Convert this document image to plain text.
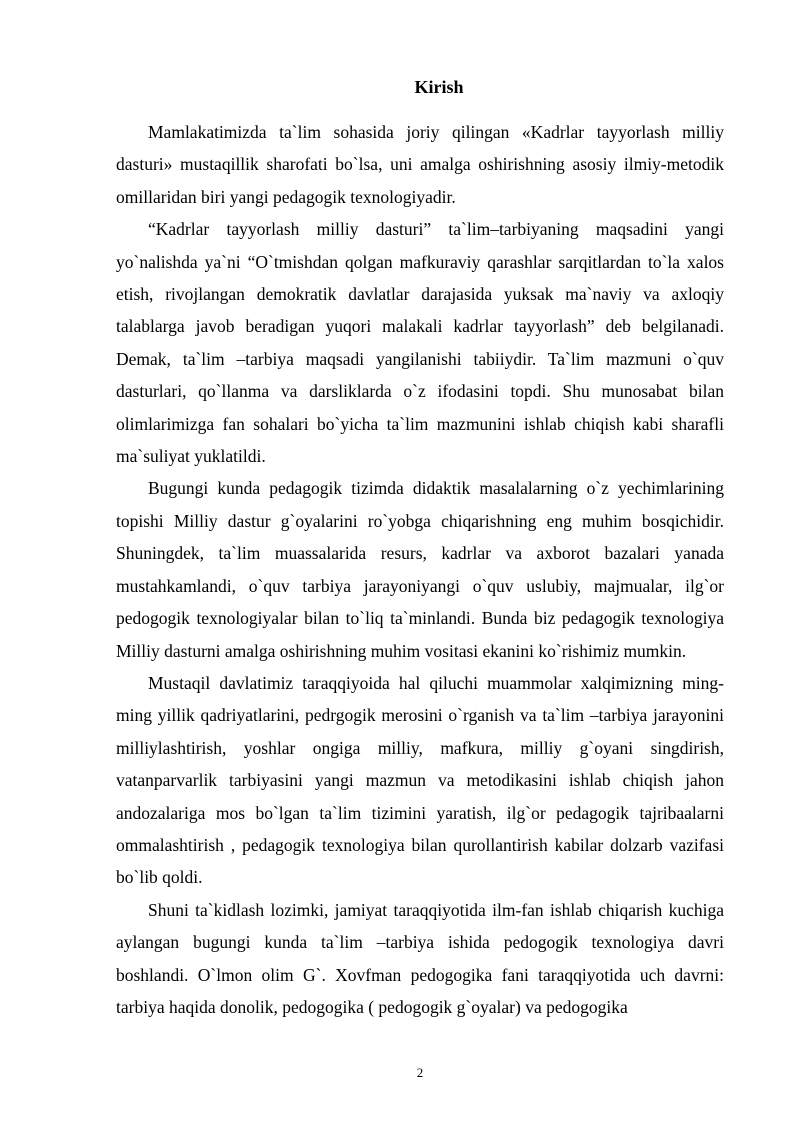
Kirish

Mamlakatimizda ta`lim sohasida joriy qilingan «Kadrlar tayyorlash milliy dasturi» mustaqillik sharofati bo`lsa, uni amalga oshirishning asosiy ilmiy-metodik omillaridan biri yangi pedagogik texnologiyadir.

“Kadrlar tayyorlash milliy dasturi” ta`lim–tarbiyaning maqsadini yangi yo`nalishda ya`ni “O`tmishdan qolgan mafkuraviy qarashlar sarqitlardan to`la xalos etish, rivojlangan demokratik davlatlar darajasida yuksak ma`naviy va axloqiy talablarga javob beradigan yuqori malakali kadrlar tayyorlash” deb belgilanadi. Demak, ta`lim –tarbiya maqsadi yangilanishi tabiiydir. Ta`lim mazmuni o`quv dasturlari, qo`llanma va darsliklarda o`z ifodasini topdi. Shu munosabat bilan olimlarimizga fan sohalari bo`yicha ta`lim mazmunini ishlab chiqish kabi sharafli ma`suliyat yuklatildi.

Bugungi kunda pedagogik tizimda didaktik masalalarning o`z yechimlarining topishi Milliy dastur g`oyalarini ro`yobga chiqarishning eng muhim bosqichidir. Shuningdek, ta`lim muassalarida resurs, kadrlar va axborot bazalari yanada mustahkamlandi, o`quv tarbiya jarayoniyangi o`quv uslubiy, majmualar, ilg`or pedogogik texnologiyalar bilan to`liq ta`minlandi. Bunda biz pedagogik texnologiya Milliy dasturni amalga oshirishning muhim vositasi ekanini ko`rishimiz mumkin.

Mustaqil davlatimiz taraqqiyoida hal qiluchi muammolar xalqimizning ming-ming yillik qadriyatlarini, pedrgogik merosini o`rganish va ta`lim –tarbiya jarayonini milliylashtirish, yoshlar ongiga milliy, mafkura, milliy g`oyani singdirish, vatanparvarlik tarbiyasini yangi mazmun va metodikasini ishlab chiqish jahon andozalariga mos bo`lgan ta`lim tizimini yaratish, ilg`or pedagogik tajribaalarni ommalashtirish , pedagogik texnologiya bilan qurollantirish kabilar dolzarb vazifasi bo`lib qoldi.

Shuni ta`kidlash lozimki, jamiyat taraqqiyotida ilm-fan ishlab chiqarish kuchiga aylangan bugungi kunda ta`lim –tarbiya ishida pedogogik texnologiya davri boshlandi. O`lmon olim G`. Xovfman pedogogika fani taraqqiyotida uch davrni: tarbiya haqida donolik, pedogogika ( pedogogik g`oyalar) va pedogogika

2
